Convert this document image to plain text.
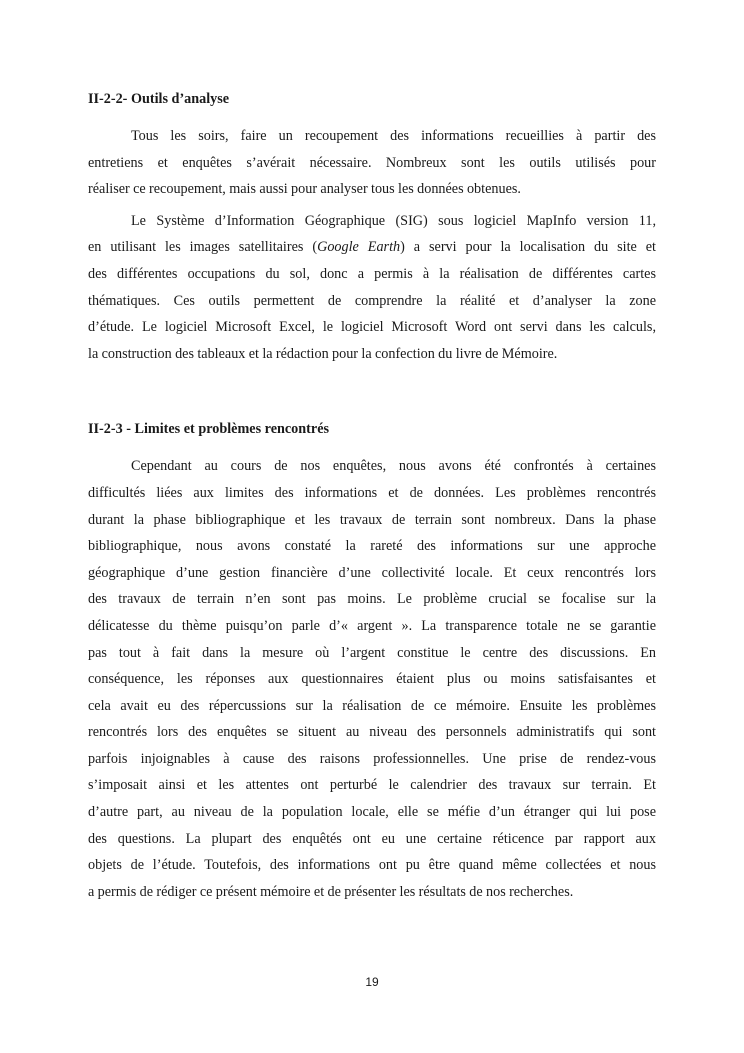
II-2-2- Outils d’analyse

Tous les soirs, faire un recoupement des informations recueillies à partir des
entretiens et enquêtes s’avérait nécessaire. Nombreux sont les outils utilisés pour
réaliser ce recoupement, mais aussi pour analyser tous les données obtenues.

Le Système d’Information Géographique (SIG) sous logiciel MapInfo version 11,
en utilisant les images satellitaires (Google Earth) a servi pour la localisation du site et
des différentes occupations du sol, donc a permis à la réalisation de différentes cartes
thématiques. Ces outils permettent de comprendre la réalité et d’analyser la zone
d’étude. Le logiciel Microsoft Excel, le logiciel Microsoft Word ont servi dans les calculs,
la construction des tableaux et la rédaction pour la confection du livre de Mémoire.

II-2-3 - Limites et problèmes rencontrés

Cependant au cours de nos enquêtes, nous avons été confrontés à certaines
difficultés liées aux limites des informations et de données. Les problèmes rencontrés
durant la phase bibliographique et les travaux de terrain sont nombreux. Dans la phase
bibliographique, nous avons constaté la rareté des informations sur une approche
géographique d’une gestion financière d’une collectivité locale. Et ceux rencontrés lors
des travaux de terrain n’en sont pas moins. Le problème crucial se focalise sur la
délicatesse du thème puisqu’on parle d’« argent ». La transparence totale ne se garantie
pas tout à fait dans la mesure où l’argent constitue le centre des discussions. En
conséquence, les réponses aux questionnaires étaient plus ou moins satisfaisantes et
cela avait eu des répercussions sur la réalisation de ce mémoire. Ensuite les problèmes
rencontrés lors des enquêtes se situent au niveau des personnels administratifs qui sont
parfois injoignables à cause des raisons professionnelles. Une prise de rendez-vous
s’imposait ainsi et les attentes ont perturbé le calendrier des travaux sur terrain. Et
d’autre part, au niveau de la population locale, elle se méfie d’un étranger qui lui pose
des questions. La plupart des enquêtés ont eu une certaine réticence par rapport aux
objets de l’étude. Toutefois, des informations ont pu être quand même collectées et nous
a permis de rédiger ce présent mémoire et de présenter les résultats de nos recherches.

19
